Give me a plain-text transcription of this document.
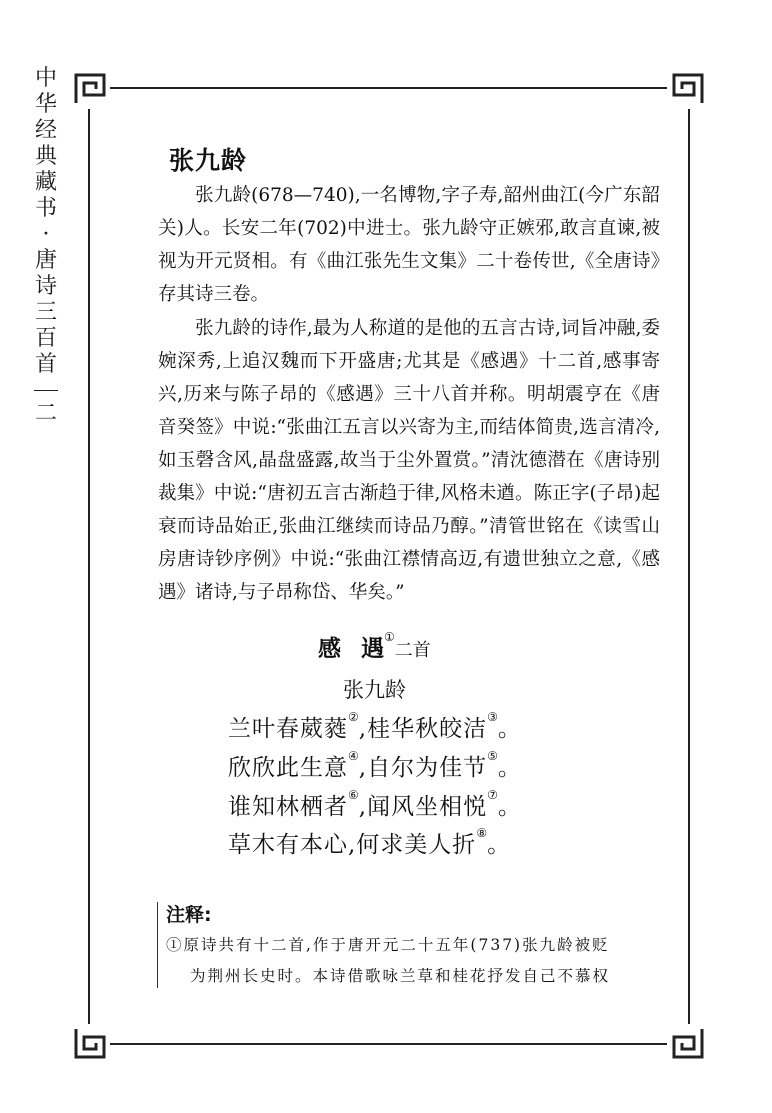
中
华
经
典
藏
书
·
唐
诗
三
百
首
二
张九龄

张九龄(678—740),一名博物,字子寿,韶州曲江(今广东韶关)人。长安二年(702)中进士。张九龄守正嫉邪,敢言直谏,被视为开元贤相。有《曲江张先生文集》二十卷传世,《全唐诗》存其诗三卷。

张九龄的诗作,最为人称道的是他的五言古诗,词旨冲融,委婉深秀,上追汉魏而下开盛唐;尤其是《感遇》十二首,感事寄兴,历来与陈子昂的《感遇》三十八首并称。明胡震亨在《唐音癸签》中说:“张曲江五言以兴寄为主,而结体简贵,选言清冷,如玉磬含风,晶盘盛露,故当于尘外置赏。”清沈德潜在《唐诗别裁集》中说:“唐初五言古渐趋于律,风格未遒。陈正字(子昂)起衰而诗品始正,张曲江继续而诗品乃醇。”清管世铭在《读雪山房唐诗钞序例》中说:“张曲江襟情高迈,有遗世独立之意,《感遇》诸诗,与子昂称岱、华矣。”

感 遇①二首
张九龄
兰叶春葳蕤②,桂华秋皎洁③。
欣欣此生意④,自尔为佳节⑤。
谁知林栖者⑥,闻风坐相悦⑦。
草木有本心,何求美人折⑧。
注释:
①原诗共有十二首,作于唐开元二十五年(737)张九龄被贬
为荆州长史时。本诗借歌咏兰草和桂花抒发自己不慕权
